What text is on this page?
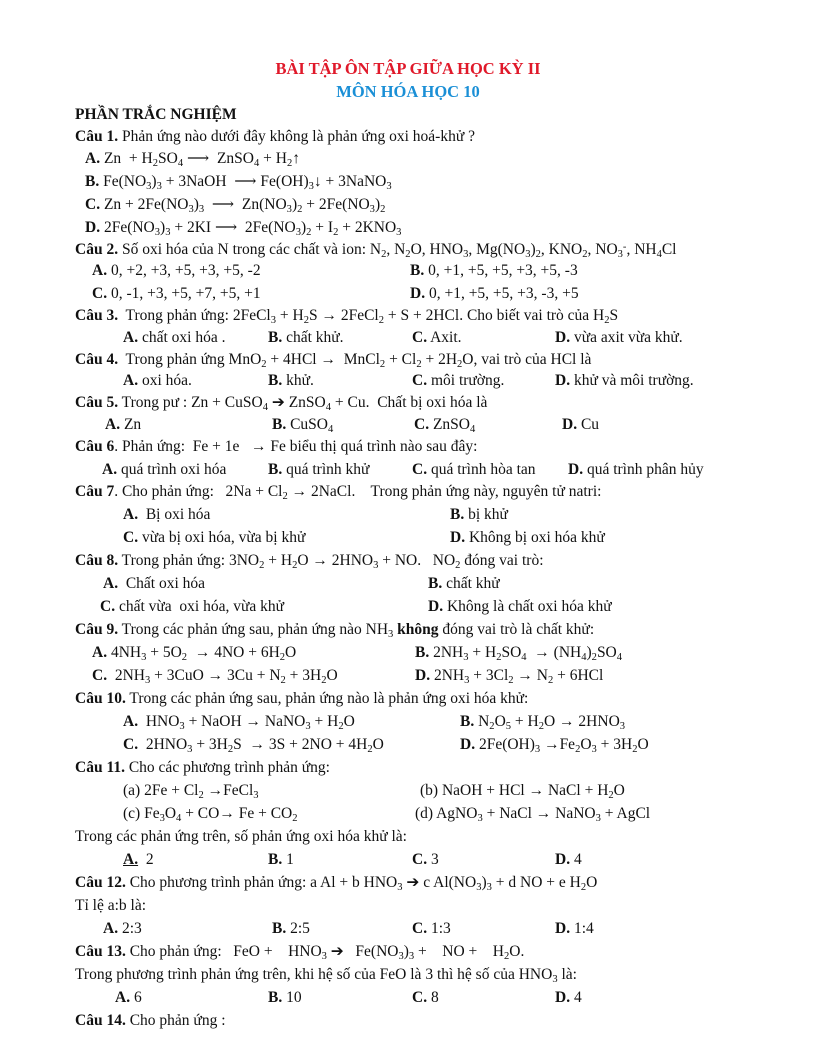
BÀI TẬP ÔN TẬP GIỮA HỌC KỲ II
MÔN HÓA HỌC 10
PHẦN TRẮC NGHIỆM
Câu 1. Phản ứng nào dưới đây không là phản ứng oxi hoá-khử ?
A. $Zn + H_2SO_4$ ⟶  ZnSO$_4$ + $H_2↑$
B. $Fe(NO_3)_3$ + 3NaOH  ⟶ $Fe(OH)_3↓$ + 3NaNO$_3$
C. $Zn + 2Fe(NO_3)_3$  ⟶  $Zn(NO_3)_2 + 2Fe(NO_3)_2$
D. $2Fe(NO_3)_3 + 2KI$ ⟶  $2Fe(NO_3)_2 + I_2 + 2KNO_3$
Câu 2. Số oxi hóa của N trong các chất và ion: $N_2$, $N_2O$, $HNO_3$, $Mg(NO_3)_2$, $KNO_2$, $NO_3^-$, $NH_4Cl$
A. 0, +2, +3, +5, +3, +5, -2	B. 0, +1, +5, +5, +3, +5, -3
C. 0, -1, +3, +5, +7, +5, +1	D. 0, +1, +5, +5, +3, -3, +5
Câu 3.  Trong phản ứng: 2FeCl$_3$ + $H_2S$ → 2FeCl$_2$ + S + 2HCl. Cho biết vai trò của $H_2S$
A. chất oxi hóa .	B. chất khử.	C. Axit.	D. vừa axit vừa khử.
Câu 4.  Trong phản ứng MnO$_2$ + 4HCl →  MnCl$_2$ + $Cl_2 + 2H_2O$, vai trò của HCl là
A. oxi hóa.	B. khử.	C. môi trường.	D. khử và môi trường.
Câu 5. Trong pư : Zn + CuSO$_4$ ➔ ZnSO$_4$ + Cu.  Chất bị oxi hóa là
A. Zn	B. CuSO$_4$	C. ZnSO$_4$	D. Cu
Câu 6. Phản ứng:  Fe + 1e   → Fe biểu thị quá trình nào sau đây:
A. quá trình oxi hóa	B. quá trình khử	C. quá trình hòa tan D. quá trình phân hủy
Câu 7. Cho phản ứng:   $2Na + Cl_2$ → 2NaCl.    Trong phản ứng này, nguyên tử natri:
A.  Bị oxi hóa	B. bị khử
C. vừa bị oxi hóa, vừa bị khử	D. Không bị oxi hóa khử
Câu 8. Trong phản ứng: $3NO_2 + H_2O \to 2HNO_3$ + NO.   $NO_2$ đóng vai trò:
A.  Chất oxi hóa	B. chất khử
C. chất vừa  oxi hóa, vừa khử	D. Không là chất oxi hóa khử
Câu 9. Trong các phản ứng sau, phản ứng nào $NH_3$ không đóng vai trò là chất khử:
A. $4NH_3 + 5O_2 \to 4NO + 6H_2O$	B. $2NH_3 + H_2SO_4 \to (NH_4)_2SO_4$
C.  $2NH_3 + 3CuO \to 3Cu + N_2 + 3H_2O$	D. $2NH_3 + 3Cl_2 \to N_2 + 6HCl$
Câu 10. Trong các phản ứng sau, phản ứng nào là phản ứng oxi hóa khử:
A.  $HNO_3$ + NaOH → NaNO$_3$ + $H_2O$	B. $N_2O_5 + H_2O \to 2HNO_3$
C.  $2HNO_3 + 3H_2S \to 3S + 2NO + 4H_2O$	D. $2Fe(OH)_3 \to Fe_2O_3 + 3H_2O$
Câu 11. Cho các phương trình phản ứng:
(a) $2Fe + Cl_2$ →FeCl$_3$	(b) NaOH + HCl → NaCl + $H_2O$
(c) $Fe_3O_4 + CO\to Fe + CO_2$	(d) AgNO$_3$ + NaCl → NaNO$_3$ + AgCl
Trong các phản ứng trên, số phản ứng oxi hóa khử là:
A.  2	B. 1	C. 3	D. 4
Câu 12. Cho phương trình phản ứng: a Al + b $HNO_3$ ➔ c $Al(NO_3)_3 + d$ NO + e $H_2O$
Tỉ lệ a:b là:
A. 2:3	B. 2:5	C. 1:3	D. 1:4
Câu 13. Cho phản ứng:   FeO +    $HNO_3$ ➔   $Fe(NO_3)_3$ +    NO +    $H_2O$.
Trong phương trình phản ứng trên, khi hệ số của FeO là 3 thì hệ số của $HNO_3$ là:
A. 6	B. 10	C. 8	D. 4
Câu 14. Cho phản ứng :
